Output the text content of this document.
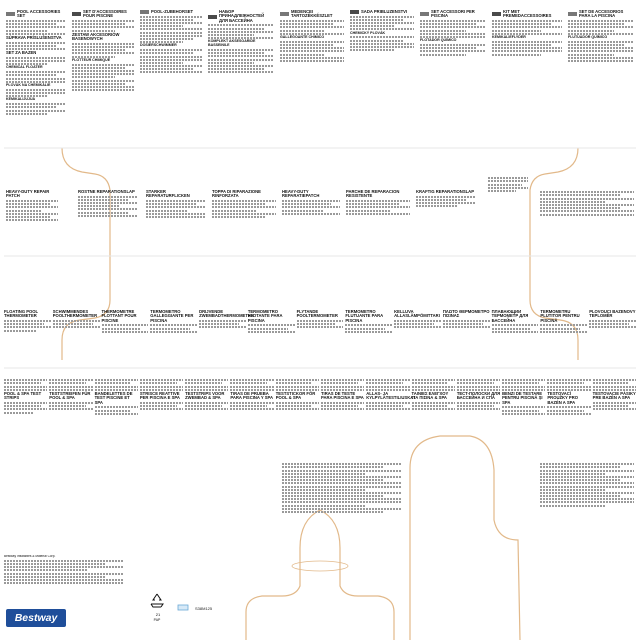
POOL ACCESSORIES SET
SÚPRAVA PRÍSLUŠENSTVA
SET ZA BAZEN
CHEMICAL FLOATER
PLOVÁK NA CHEMIKÁLIE
KEMIKALIJUJUA
SET D'ACCESSOIRES POUR PISCINE
ZESTAW AKCESORIÓW BASENOWYCH
FLOTTEUR CHIMIQUE
POOL-ZUBEHÖRSET
DOSIERSCHWIMMER
НАБОР ПРИНАДЛЕЖНОСТЕЙ ДЛЯ БАССЕЙНА
KOMPLEKT AKSESOARIDE BASSEINILE
MEDENCEI TARTOZÉKKÉSZLET
GALLÉGOANTE CHIMICO
SADA PRIBLUŽENSTVÍ
CHEMICKÝ PLOVÁK
SET ACCESSORI PER PISCINA
FLOTADOR QUÍMICO
KIT MET PREMEDACCESSOIRES
KEMIKALIEFLYDER
SET DE ACCESORIOS PARA LA PISCINA
FLUTUADOR QUÍMICO
HEAVY-DUTY REPAIR PATCH
ROSTNE REPARATIONSLAP	STARKER REPARATURFLICKEN
TOPPA DI RIPARAZIONE RINFORZATA
HEAVY-DUTY REPARATIEPATCH
PARCHE DE REPARACIÓN RESISTENTE
KRAFTIG REPARATIONSLAP
FLOATING POOL THERMOMETER
SCHWIMMENDES POOLTHERMOMETER
THERMOMÈTRE FLOTTANT POUR PISCINE
TERMOMETRO GALLEGGIANTE PER PISCINA
DRIJVENDE ZWEMBADTHERMOMETER
TERMÓMETRO FLOTANTE PARA PISCINA
FLYTANDE POOLTERMOMETER
TERMÓMETRO FLUTUANTE PARA PISCINA
KELLUVA ALLASLÄMPÖMITTARI
ΠΛΩΤΟ ΘΕΡΜΟΜΕΤΡΟ ΠΙΣΙΝΑΣ
ПЛАВАЮЩИЙ ТЕРМОМЕТР ДЛЯ БАССЕЙНА
TERMOMETRU PLUTITOR PENTRU PISCINĂ
PLOVOUCÍ BAZÉNOVÝ TEPLOMĚR
POOL & SPA TEST STRIPS
TESTSTREIFEN FÜR POOL & SPA
BANDELETTES DE TEST PISCINE ET SPA
STRISCE REATTIVE PER PISCINA E SPA
TESTSTRIPS VOOR ZWEMBAD & SPA
TIRAS DE PRUEBA PARA PISCINA Y SPA
TESTSTICKOR FÖR POOL & SPA
TIRAS DE TESTE PARA PISCINA E SPA
ALLAS- JA KYLPYLÄTESTILIUSKAT
ΤΑΙΝΙΕΣ ΕΛΕΓΧΟΥ ΓΙΑ ΠΙΣΙΝΑ & SPA
ТЕСТ-ПОЛОСКИ ДЛЯ БАССЕЙНА И СПА
BENZI DE TESTARE PENTRU PISCINĂ ȘI SPA
TESTOVACÍ PROUŽKY PRO BAZÉN A SPA
TESTOVACIE PÁSIKY PRE BAZÉN A SPA
Bestway Inflatables & Material Corp.
Bestway	21
PAP
S38M125
